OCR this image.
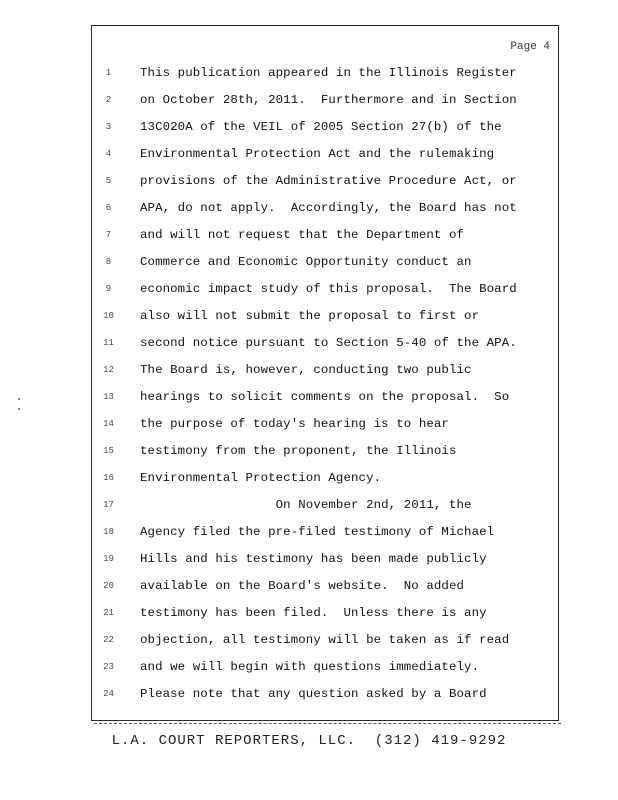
Page 4
1	This publication appeared in the Illinois Register
2	on October 28th, 2011.  Furthermore and in Section
3	13C020A of the VEIL of 2005 Section 27(b) of the
4	Environmental Protection Act and the rulemaking
5	provisions of the Administrative Procedure Act, or
6	APA, do not apply.  Accordingly, the Board has not
7	and will not request that the Department of
8	Commerce and Economic Opportunity conduct an
9	economic impact study of this proposal.  The Board
10	also will not submit the proposal to first or
11	second notice pursuant to Section 5-40 of the APA.
12	The Board is, however, conducting two public
13	hearings to solicit comments on the proposal.  So
14	the purpose of today's hearing is to hear
15	testimony from the proponent, the Illinois
16	Environmental Protection Agency.
17	On November 2nd, 2011, the
18	Agency filed the pre-filed testimony of Michael
19	Hills and his testimony has been made publicly
20	available on the Board's website.  No added
21	testimony has been filed.  Unless there is any
22	objection, all testimony will be taken as if read
23	and we will begin with questions immediately.
24	Please note that any question asked by a Board
L.A. COURT REPORTERS, LLC.  (312) 419-9292
